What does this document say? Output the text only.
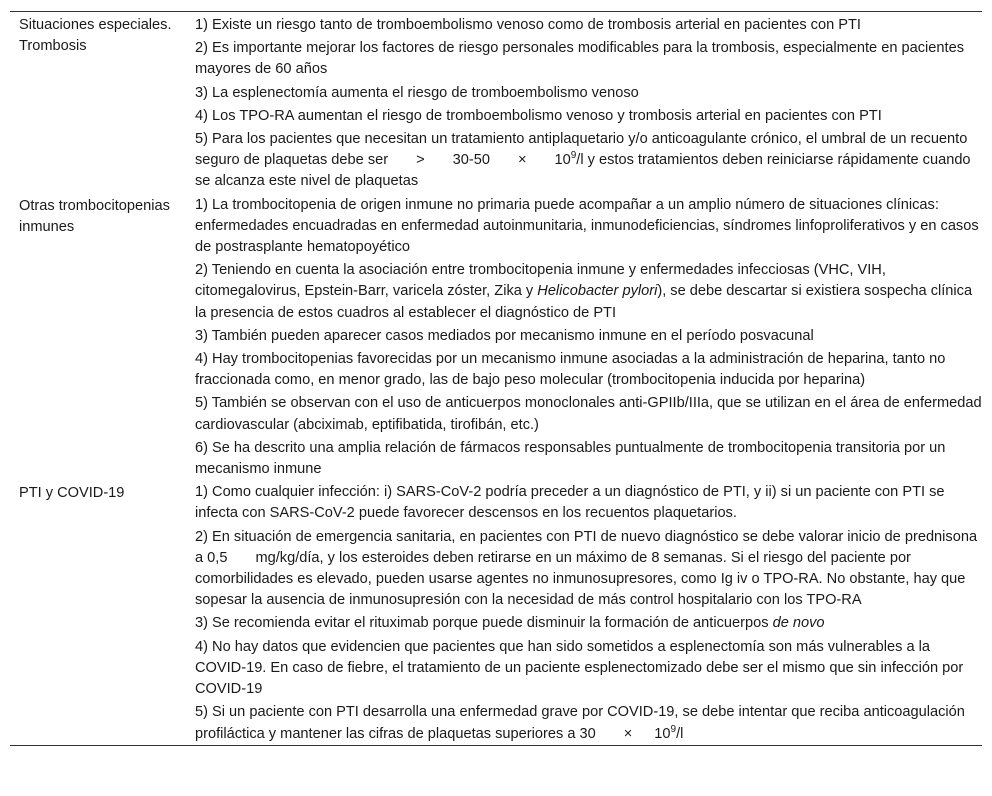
Situaciones especiales. Trombosis	1) Existe un riesgo tanto de tromboembolismo venoso como de trombosis arterial en pacientes con PTI
	2) Es importante mejorar los factores de riesgo personales modificables para la trombosis, especialmente en pacientes mayores de 60 años
	3) La esplenectomía aumenta el riesgo de tromboembolismo venoso
	4) Los TPO-RA aumentan el riesgo de tromboembolismo venoso y trombosis arterial en pacientes con PTI
	5) Para los pacientes que necesitan un tratamiento antiplaquetario y/o anticoagulante crónico, el umbral de un recuento seguro de plaquetas debe ser > $30-50 \times 10^9/l$ y estos tratamientos deben reiniciarse rápidamente cuando se alcanza este nivel de plaquetas
Otras trombocitopenias inmunes	1) La trombocitopenia de origen inmune no primaria puede acompañar a un amplio número de situaciones clínicas: enfermedades encuadradas en enfermedad autoinmunitaria, inmunodeficiencias, síndromes linfoproliferativos y en casos de postrasplante hematopoyético
	2) Teniendo en cuenta la asociación entre trombocitopenia inmune y enfermedades infecciosas (VHC, VIH, citomegalovirus, Epstein-Barr, varicela zóster, Zika y Helicobacter pylori), se debe descartar si existiera sospecha clínica la presencia de estos cuadros al establecer el diagnóstico de PTI
	3) También pueden aparecer casos mediados por mecanismo inmune en el período posvacunal
	4) Hay trombocitopenias favorecidas por un mecanismo inmune asociadas a la administración de heparina, tanto no fraccionada como, en menor grado, las de bajo peso molecular (trombocitopenia inducida por heparina)
	5) También se observan con el uso de anticuerpos monoclonales anti-GPIIb/IIIa, que se utilizan en el área de enfermedad cardiovascular (abciximab, eptifibatida, tirofibán, etc.)
	6) Se ha descrito una amplia relación de fármacos responsables puntualmente de trombocitopenia transitoria por un mecanismo inmune
PTI y COVID-19	1) Como cualquier infección: i) SARS-CoV-2 podría preceder a un diagnóstico de PTI, y ii) si un paciente con PTI se infecta con SARS-CoV-2 puede favorecer descensos en los recuentos plaquetarios.
	2) En situación de emergencia sanitaria, en pacientes con PTI de nuevo diagnóstico se debe valorar inicio de prednisona a 0,5 mg/kg/día, y los esteroides deben retirarse en un máximo de 8 semanas. Si el riesgo del paciente por comorbilidades es elevado, pueden usarse agentes no inmunosupresores, como Ig iv o TPO-RA. No obstante, hay que sopesar la ausencia de inmunosupresión con la necesidad de más control hospitalario con los TPO-RA
	3) Se recomienda evitar el rituximab porque puede disminuir la formación de anticuerpos de novo
	4) No hay datos que evidencien que pacientes que han sido sometidos a esplenectomía son más vulnerables a la COVID-19. En caso de fiebre, el tratamiento de un paciente esplenectomizado debe ser el mismo que sin infección por COVID-19
	5) Si un paciente con PTI desarrolla una enfermedad grave por COVID-19, se debe intentar que reciba anticoagulación profiláctica y mantener las cifras de plaquetas superiores a $30 \times 10^9/l$
